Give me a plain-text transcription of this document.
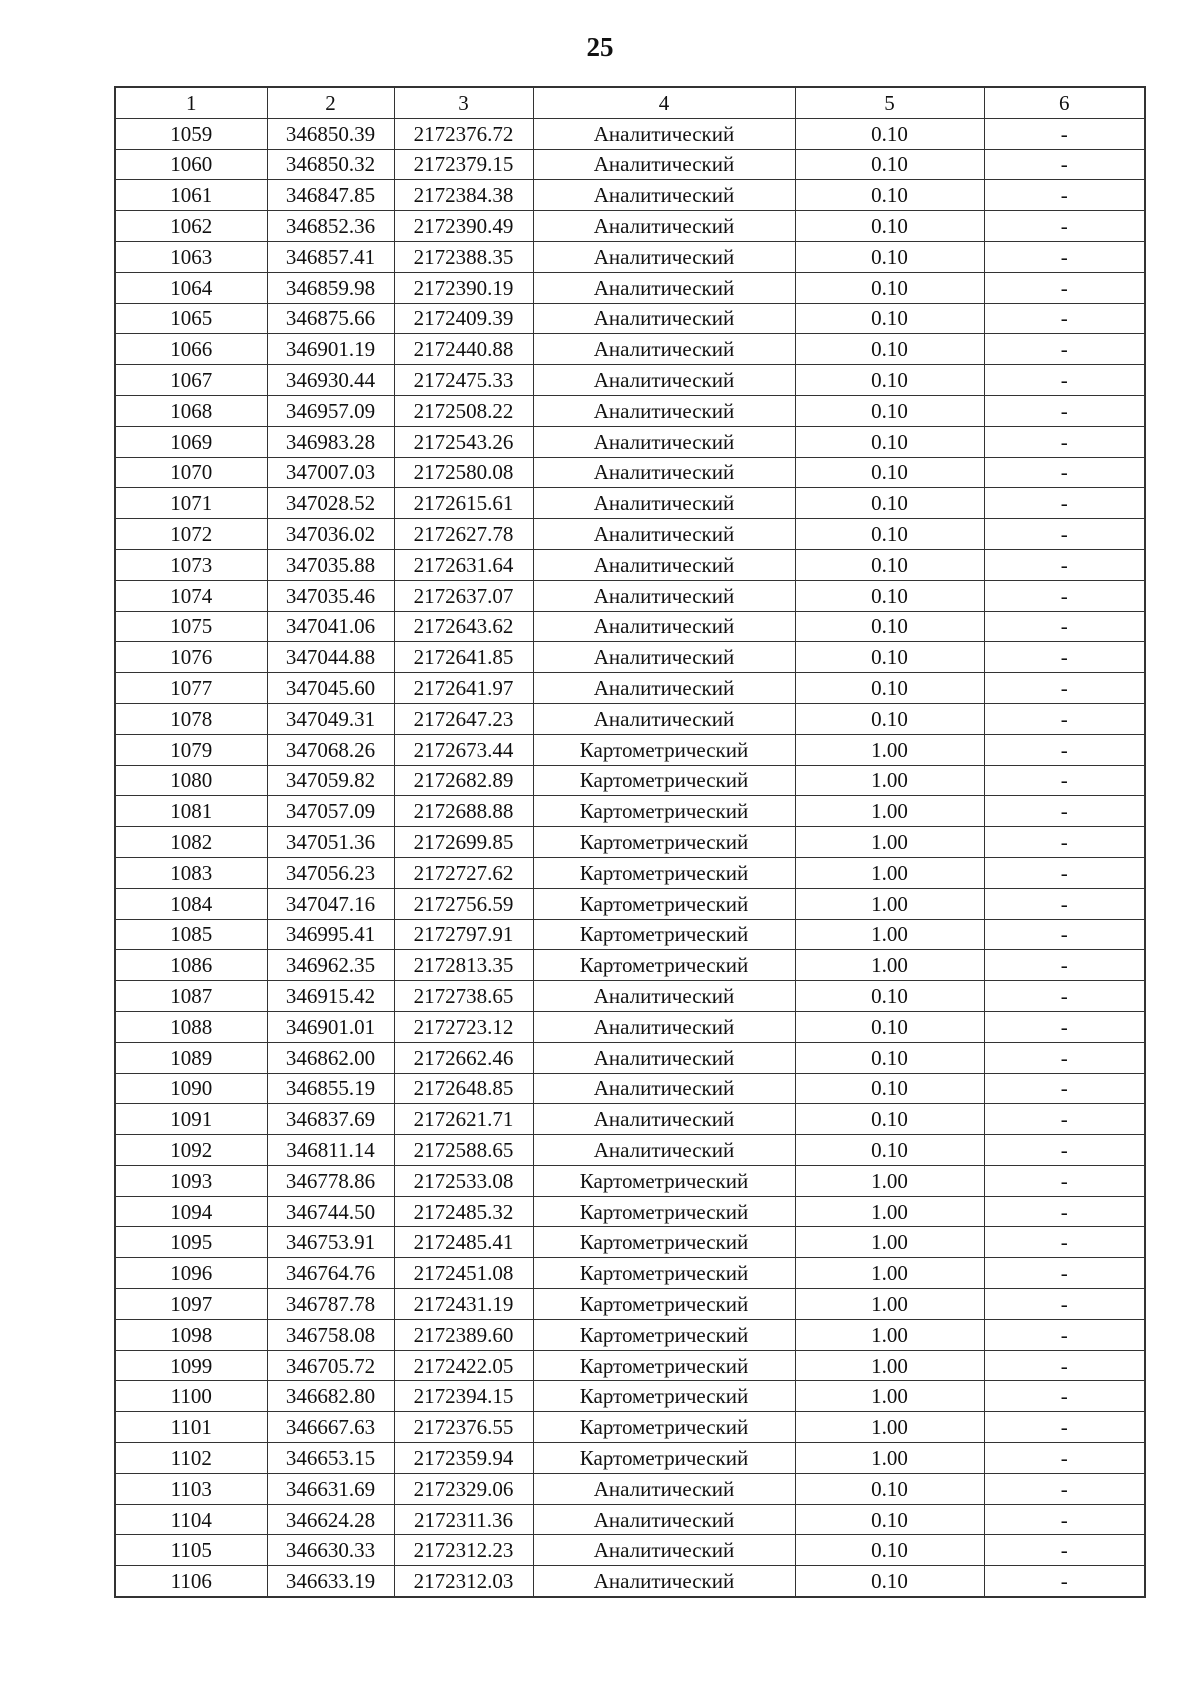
25
1	2	3	4	5	6
1059	346850.39	2172376.72	Аналитический	0.10	-
1060	346850.32	2172379.15	Аналитический	0.10	-
1061	346847.85	2172384.38	Аналитический	0.10	-
1062	346852.36	2172390.49	Аналитический	0.10	-
1063	346857.41	2172388.35	Аналитический	0.10	-
1064	346859.98	2172390.19	Аналитический	0.10	-
1065	346875.66	2172409.39	Аналитический	0.10	-
1066	346901.19	2172440.88	Аналитический	0.10	-
1067	346930.44	2172475.33	Аналитический	0.10	-
1068	346957.09	2172508.22	Аналитический	0.10	-
1069	346983.28	2172543.26	Аналитический	0.10	-
1070	347007.03	2172580.08	Аналитический	0.10	-
1071	347028.52	2172615.61	Аналитический	0.10	-
1072	347036.02	2172627.78	Аналитический	0.10	-
1073	347035.88	2172631.64	Аналитический	0.10	-
1074	347035.46	2172637.07	Аналитический	0.10	-
1075	347041.06	2172643.62	Аналитический	0.10	-
1076	347044.88	2172641.85	Аналитический	0.10	-
1077	347045.60	2172641.97	Аналитический	0.10	-
1078	347049.31	2172647.23	Аналитический	0.10	-
1079	347068.26	2172673.44	Картометрический	1.00	-
1080	347059.82	2172682.89	Картометрический	1.00	-
1081	347057.09	2172688.88	Картометрический	1.00	-
1082	347051.36	2172699.85	Картометрический	1.00	-
1083	347056.23	2172727.62	Картометрический	1.00	-
1084	347047.16	2172756.59	Картометрический	1.00	-
1085	346995.41	2172797.91	Картометрический	1.00	-
1086	346962.35	2172813.35	Картометрический	1.00	-
1087	346915.42	2172738.65	Аналитический	0.10	-
1088	346901.01	2172723.12	Аналитический	0.10	-
1089	346862.00	2172662.46	Аналитический	0.10	-
1090	346855.19	2172648.85	Аналитический	0.10	-
1091	346837.69	2172621.71	Аналитический	0.10	-
1092	346811.14	2172588.65	Аналитический	0.10	-
1093	346778.86	2172533.08	Картометрический	1.00	-
1094	346744.50	2172485.32	Картометрический	1.00	-
1095	346753.91	2172485.41	Картометрический	1.00	-
1096	346764.76	2172451.08	Картометрический	1.00	-
1097	346787.78	2172431.19	Картометрический	1.00	-
1098	346758.08	2172389.60	Картометрический	1.00	-
1099	346705.72	2172422.05	Картометрический	1.00	-
1100	346682.80	2172394.15	Картометрический	1.00	-
1101	346667.63	2172376.55	Картометрический	1.00	-
1102	346653.15	2172359.94	Картометрический	1.00	-
1103	346631.69	2172329.06	Аналитический	0.10	-
1104	346624.28	2172311.36	Аналитический	0.10	-
1105	346630.33	2172312.23	Аналитический	0.10	-
1106	346633.19	2172312.03	Аналитический	0.10	-
